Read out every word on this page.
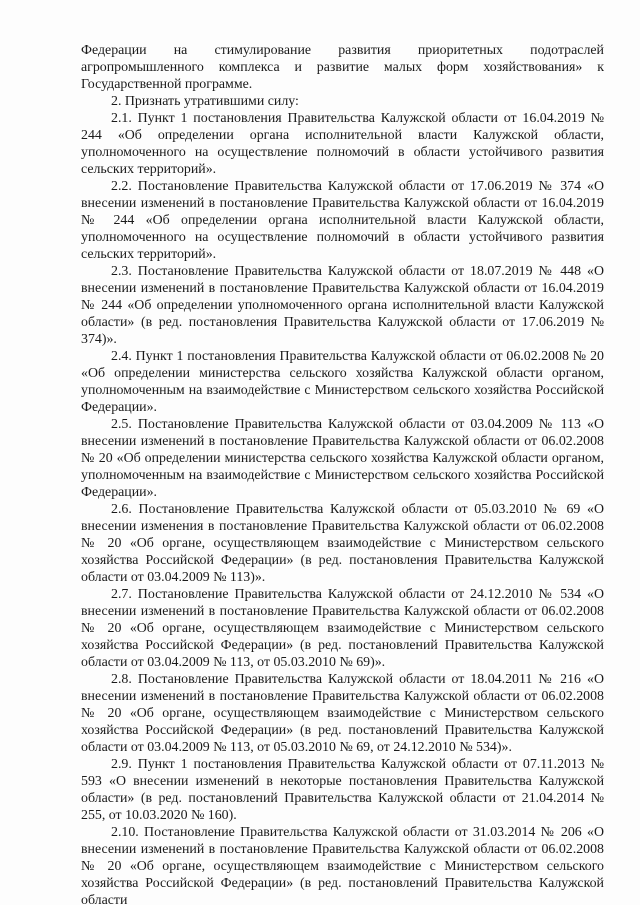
Федерации на стимулирование развития приоритетных подотраслей агропромышленного комплекса и развитие малых форм хозяйствования» к Государственной программе.

2. Признать утратившими силу:

2.1. Пункт 1 постановления Правительства Калужской области от 16.04.2019 № 244 «Об определении органа исполнительной власти Калужской области, уполномоченного на осуществление полномочий в области устойчивого развития сельских территорий».

2.2. Постановление Правительства Калужской области от 17.06.2019 № 374 «О внесении изменений в постановление Правительства Калужской области от 16.04.2019 № 244 «Об определении органа исполнительной власти Калужской области, уполномоченного на осуществление полномочий в области устойчивого развития сельских территорий».

2.3. Постановление Правительства Калужской области от 18.07.2019 № 448 «О внесении изменений в постановление Правительства Калужской области от 16.04.2019 № 244 «Об определении уполномоченного органа исполнительной власти Калужской области» (в ред. постановления Правительства Калужской области от 17.06.2019 № 374)».

2.4. Пункт 1 постановления Правительства Калужской области от 06.02.2008 № 20 «Об определении министерства сельского хозяйства Калужской области органом, уполномоченным на взаимодействие с Министерством сельского хозяйства Российской Федерации».

2.5. Постановление Правительства Калужской области от 03.04.2009 № 113 «О внесении изменений в постановление Правительства Калужской области от 06.02.2008 № 20 «Об определении министерства сельского хозяйства Калужской области органом, уполномоченным на взаимодействие с Министерством сельского хозяйства Российской Федерации».

2.6. Постановление Правительства Калужской области от 05.03.2010 № 69 «О внесении изменения в постановление Правительства Калужской области от 06.02.2008 № 20 «Об органе, осуществляющем взаимодействие с Министерством сельского хозяйства Российской Федерации» (в ред. постановления Правительства Калужской области от 03.04.2009 № 113)».

2.7. Постановление Правительства Калужской области от 24.12.2010 № 534 «О внесении изменений в постановление Правительства Калужской области от 06.02.2008 № 20 «Об органе, осуществляющем взаимодействие с Министерством сельского хозяйства Российской Федерации» (в ред. постановлений Правительства Калужской области от 03.04.2009 № 113, от 05.03.2010 № 69)».

2.8. Постановление Правительства Калужской области от 18.04.2011 № 216 «О внесении изменений в постановление Правительства Калужской области от 06.02.2008 № 20 «Об органе, осуществляющем взаимодействие с Министерством сельского хозяйства Российской Федерации» (в ред. постановлений Правительства Калужской области от 03.04.2009 № 113, от 05.03.2010 № 69, от 24.12.2010 № 534)».

2.9. Пункт 1 постановления Правительства Калужской области от 07.11.2013 № 593 «О внесении изменений в некоторые постановления Правительства Калужской области» (в ред. постановлений Правительства Калужской области от 21.04.2014 № 255, от 10.03.2020 № 160).

2.10. Постановление Правительства Калужской области от 31.03.2014 № 206 «О внесении изменений в постановление Правительства Калужской области от 06.02.2008 № 20 «Об органе, осуществляющем взаимодействие с Министерством сельского хозяйства Российской Федерации» (в ред. постановлений Правительства Калужской области
